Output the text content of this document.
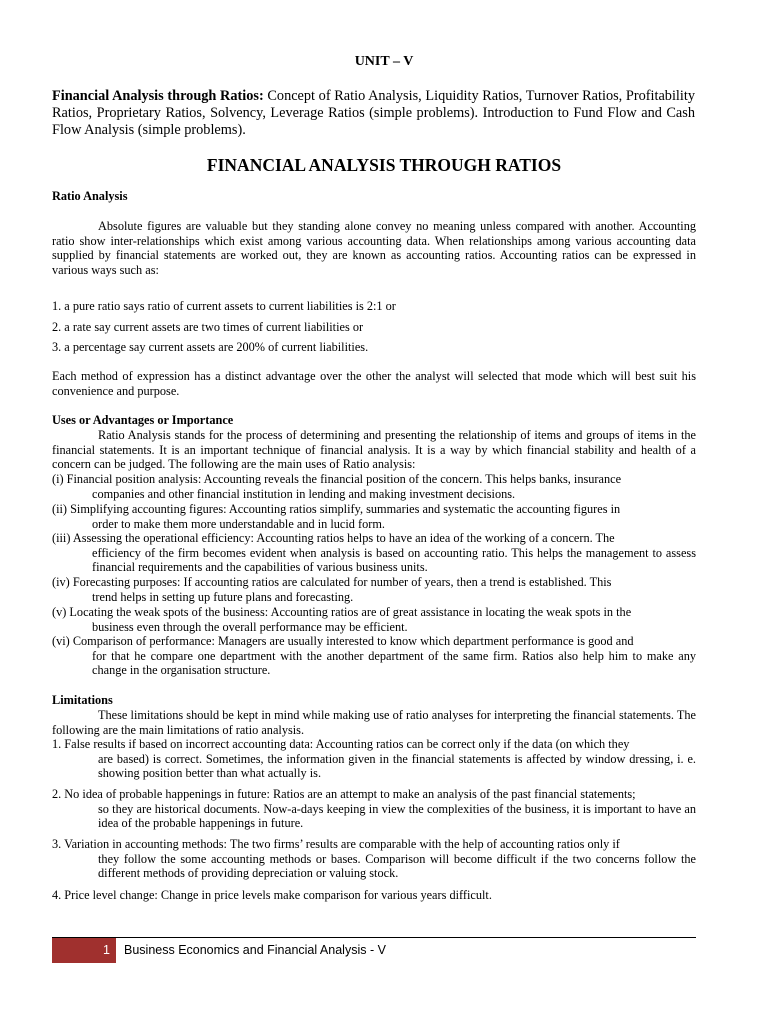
UNIT – V
Financial Analysis through Ratios: Concept of Ratio Analysis, Liquidity Ratios, Turnover Ratios, Profitability Ratios, Proprietary Ratios, Solvency, Leverage Ratios (simple problems). Introduction to Fund Flow and Cash Flow Analysis (simple problems).
FINANCIAL ANALYSIS THROUGH RATIOS
Ratio Analysis
Absolute figures are valuable but they standing alone convey no meaning unless compared with another. Accounting ratio show inter-relationships which exist among various accounting data. When relationships among various accounting data supplied by financial statements are worked out, they are known as accounting ratios. Accounting ratios can be expressed in various ways such as:
1. a pure ratio says ratio of current assets to current liabilities is 2:1 or
2. a rate say current assets are two times of current liabilities or
3. a percentage say current assets are 200% of current liabilities.
Each method of expression has a distinct advantage over the other the analyst will selected that mode which will best suit his convenience and purpose.
Uses or Advantages or Importance
Ratio Analysis stands for the process of determining and presenting the relationship of items and groups of items in the financial statements. It is an important technique of financial analysis. It is a way by which financial stability and health of a concern can be judged. The following are the main uses of Ratio analysis:
(i) Financial position analysis: Accounting reveals the financial position of the concern. This helps banks, insurance
companies and other financial institution in lending and making investment decisions.
(ii) Simplifying accounting figures: Accounting ratios simplify, summaries and systematic the accounting figures in
order to make them more understandable and in lucid form.
(iii) Assessing the operational efficiency: Accounting ratios helps to have an idea of the working of a concern. The
efficiency of the firm becomes evident when analysis is based on accounting ratio. This helps the management to assess financial requirements and the capabilities of various business units.
(iv) Forecasting purposes: If accounting ratios are calculated for number of years, then a trend is established. This
trend helps in setting up future plans and forecasting.
(v) Locating the weak spots of the business: Accounting ratios are of great assistance in locating the weak spots in the
business even through the overall performance may be efficient.
(vi) Comparison of performance: Managers are usually interested to know which department performance is good and
for that he compare one department with the another department of the same firm. Ratios also help him to make any change in the organisation structure.
Limitations
These limitations should be kept in mind while making use of ratio analyses for interpreting the financial statements. The following are the main limitations of ratio analysis.
1. False results if based on incorrect accounting data: Accounting ratios can be correct only if the data (on which they
are based) is correct. Sometimes, the information given in the financial statements is affected by window dressing, i. e. showing position better than what actually is.
2. No idea of probable happenings in future: Ratios are an attempt to make an analysis of the past financial statements;
so they are historical documents. Now-a-days keeping in view the complexities of the business, it is important to have an idea of the probable happenings in future.
3. Variation in accounting methods: The two firms’ results are comparable with the help of accounting ratios only if
they follow the some accounting methods or bases. Comparison will become difficult if the two concerns follow the different methods of providing depreciation or valuing stock.
4. Price level change: Change in price levels make comparison for various years difficult.
1 Business Economics and Financial Analysis - V
